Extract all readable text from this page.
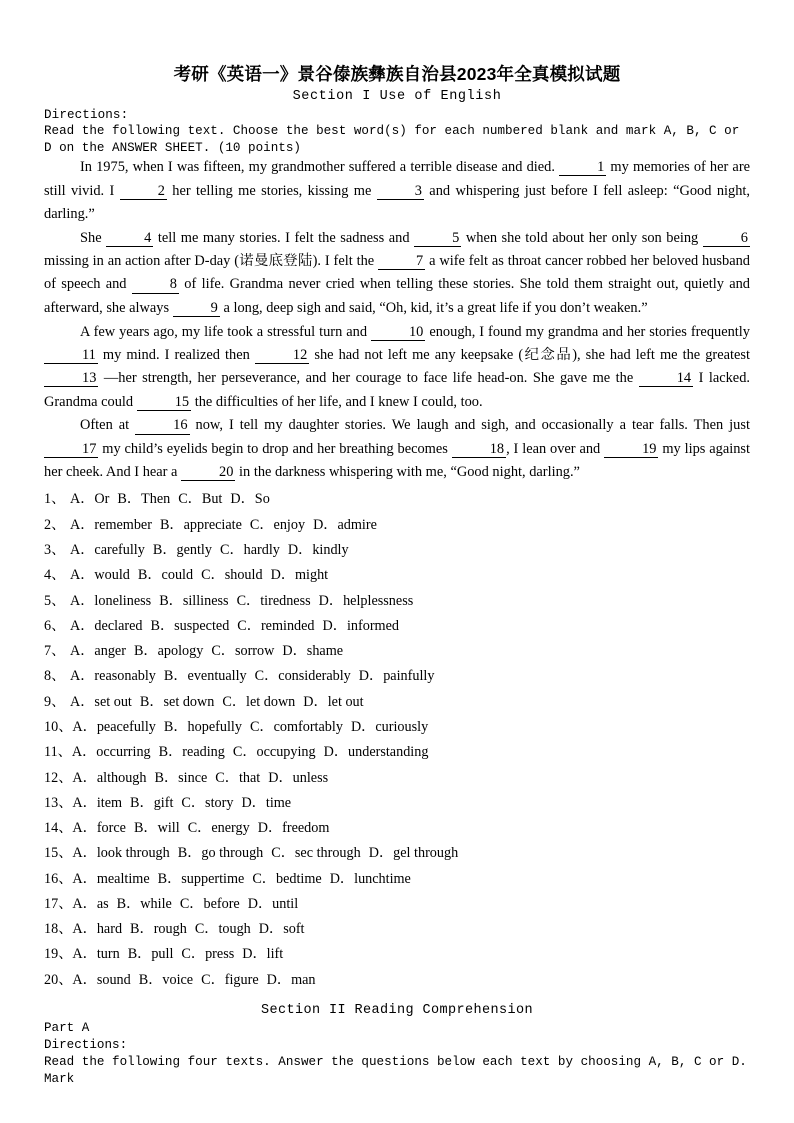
考研《英语一》景谷傣族彝族自治县2023年全真模拟试题
Section I Use of English
Directions:
Read the following text. Choose the best word(s) for each numbered blank and mark A, B, C or D on the ANSWER SHEET. (10 points)

In 1975, when I was fifteen, my grandmother suffered a terrible disease and died.	1 my memories of her are still vivid. I	2 her telling me stories, kissing me	3 and whispering just before I fell asleep: “Good night, darling.”

She	4 tell me many stories. I felt the sadness and	5 when she told about her only son being	6 missing in an action after D-day (诺曼底登陆). I felt the	7 a wife felt as throat cancer robbed her beloved husband of speech and	8 of life. Grandma never cried when telling these stories. She told them straight out, quietly and afterward, she always	9 a long, deep sigh and said, “Oh, kid, it’s a great life if you don’t weaken.”

A few years ago, my life took a stressful turn and	10 enough, I found my grandma and her stories frequently 11 my mind. I realized then	12 she had not left me any keepsake (纪念品), she had left me the greatest 13 —her strength, her perseverance, and her courage to face life head-on. She gave me the	14 I lacked. Grandma could	15 the difficulties of her life, and I knew I could, too.

Often at	16 now, I tell my daughter stories. We laugh and sigh, and occasionally a tear falls. Then just 17 my child’s eyelids begin to drop and her breathing becomes	18 , I lean over and	19 my lips against her cheek. And I hear a	20 in the darkness whispering with me, “Good night, darling.”

1、 A．Or B．Then C．But D．So
2、 A．remember B．appreciate C．enjoy D．admire
3、 A．carefully B．gently C．hardly D．kindly
4、 A．would B．could C．should D．might
5、 A．loneliness B．silliness C．tiredness D．helplessness
6、 A．declared B．suspected C．reminded D．informed
7、 A．anger B．apology C．sorrow D．shame
8、 A．reasonably B．eventually C．considerably D．painfully
9、 A．set out B．set down C．let down D．let out
10、A．peacefully B．hopefully C．comfortably D．curiously
11、A．occurring B．reading C．occupying D．understanding
12、A．although B．since C．that D．unless
13、A．item B．gift C．story D．time
14、A．force B．will C．energy D．freedom
15、A．look through B．go through C．sec through D．gel through
16、A．mealtime B．suppertime C．bedtime D．lunchtime
17、A．as B．while C．before D．until
18、A．hard B．rough C．tough D．soft
19、A．turn B．pull C．press D．lift
20、A．sound B．voice C．figure D．man
Section II Reading Comprehension
Part A
Directions:
Read the following four texts. Answer the questions below each text by choosing A, B, C or D. Mark
